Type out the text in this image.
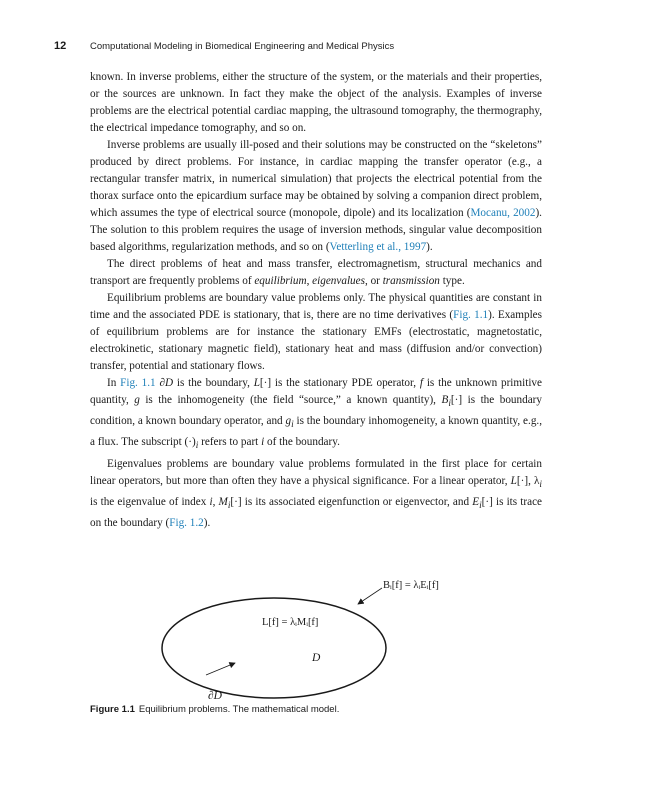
12	Computational Modeling in Biomedical Engineering and Medical Physics

known. In inverse problems, either the structure of the system, or the materials and their properties, or the sources are unknown. In fact they make the object of the analysis. Examples of inverse problems are the electrical potential cardiac mapping, the ultrasound tomography, the thermography, the electrical impedance tomography, and so on.

Inverse problems are usually ill-posed and their solutions may be constructed on the “skeletons” produced by direct problems. For instance, in cardiac mapping the transfer operator (e.g., a rectangular transfer matrix, in numerical simulation) that projects the electrical potential from the thorax surface onto the epicardium surface may be obtained by solving a companion direct problem, which assumes the type of electrical source (monopole, dipole) and its localization (Mocanu, 2002). The solution to this problem requires the usage of inversion methods, singular value decomposition based algorithms, regularization methods, and so on (Vetterling et al., 1997).

The direct problems of heat and mass transfer, electromagnetism, structural mechanics and transport are frequently problems of equilibrium, eigenvalues, or transmission type.

Equilibrium problems are boundary value problems only. The physical quantities are constant in time and the associated PDE is stationary, that is, there are no time derivatives (Fig. 1.1). Examples of equilibrium problems are for instance the stationary EMFs (electrostatic, magnetostatic, electrokinetic, stationary magnetic field), stationary heat and mass (diffusion and/or convection) transfer, potential and stationary flows.

In Fig. 1.1 ∂D is the boundary, L[·] is the stationary PDE operator, f is the unknown primitive quantity, g is the inhomogeneity (the field “source,” a known quantity), $B_i[\cdot]$ is the boundary condition, a known boundary operator, and $g_i$ is the boundary inhomogeneity, a known quantity, e.g., a flux. The subscript $(\cdot)_i$ refers to part i of the boundary.

Eigenvalues problems are boundary value problems formulated in the first place for certain linear operators, but more than often they have a physical significance. For a linear operator, L[·], $\lambda_i$ is the eigenvalue of index i, $M_i[\cdot]$ is its associated eigenfunction or eigenvector, and $E_i[\cdot]$ is its trace on the boundary (Fig. 1.2).

Bᵢ[f] = λᵢEᵢ[f]
L[f] = λᵢMᵢ[f]
D
∂D
Figure 1.1 Equilibrium problems. The mathematical model.
